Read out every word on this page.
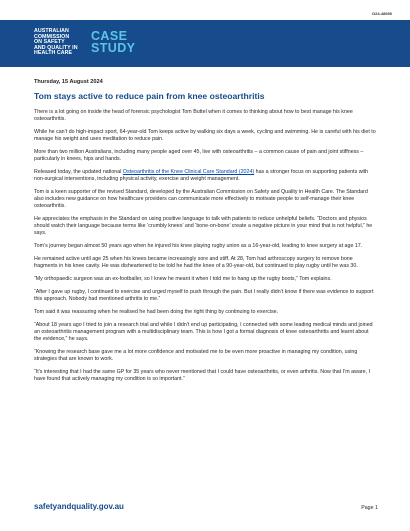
D24-48696
AUSTRALIAN
COMMISSION
ON SAFETY
AND QUALITY IN
HEALTH CARE
CASE
STUDY

Thursday, 15 August 2024

Tom stays active to reduce pain from knee osteoarthritis

There is a lot going on inside the head of forensic psychologist Tom Buttel when it comes to thinking about how to best manage his knee osteoarthritis.

While he can’t do high-impact sport, 64-year-old Tom keeps active by walking six days a week, cycling and swimming. He is careful with his diet to manage his weight and uses meditation to reduce pain.

More than two million Australians, including many people aged over 45, live with osteoarthritis – a common cause of pain and joint stiffness – particularly in knees, hips and hands.

Released today, the updated national Osteoarthritis of the Knee Clinical Care Standard (2024) has a stronger focus on supporting patients with non-surgical interventions, including physical activity, exercise and weight management.

Tom is a keen supporter of the revised Standard, developed by the Australian Commission on Safety and Quality in Health Care. The Standard also includes new guidance on how healthcare providers can communicate more effectively to motivate people to self-manage their knee osteoarthritis.

He appreciates the emphasis in the Standard on using positive language to talk with patients to reduce unhelpful beliefs. “Doctors and physios should watch their language because terms like ‘crumbly knees’ and ‘bone-on-bone’ create a negative picture in your mind that is not helpful,” he says.

Tom’s journey began almost 50 years ago when he injured his knee playing rugby union as a 16-year-old, leading to knee surgery at age 17.

He remained active until age 25 when his knees became increasingly sore and stiff. At 28, Tom had arthroscopy surgery to remove bone fragments in his knee cavity. He was disheartened to be told he had the knee of a 90-year-old, but continued to play rugby until he was 30.

“My orthopaedic surgeon was an ex-footballer, so I knew he meant it when I told me to hang up the rugby boots,” Tom explains.

“After I gave up rugby, I continued to exercise and urged myself to push through the pain. But I really didn’t know if there was evidence to support this approach. Nobody had mentioned arthritis to me.”

Tom said it was reassuring when he realised he had been doing the right thing by continuing to exercise.

“About 18 years ago I tried to join a research trial and while I didn’t end up participating, I connected with some leading medical minds and joined an osteoarthritis management program with a multidisciplinary team. This is how I got a formal diagnosis of knee osteoarthritis and learnt about the evidence,” he says.

“Knowing the research base gave me a lot more confidence and motivated me to be even more proactive in managing my condition, using strategies that are known to work.

“It’s interesting that I had the same GP for 35 years who never mentioned that I could have osteoarthritis, or even arthritis. Now that I’m aware, I have found that actively managing my condition is so important.”

safetyandquality.gov.au	Page 1
